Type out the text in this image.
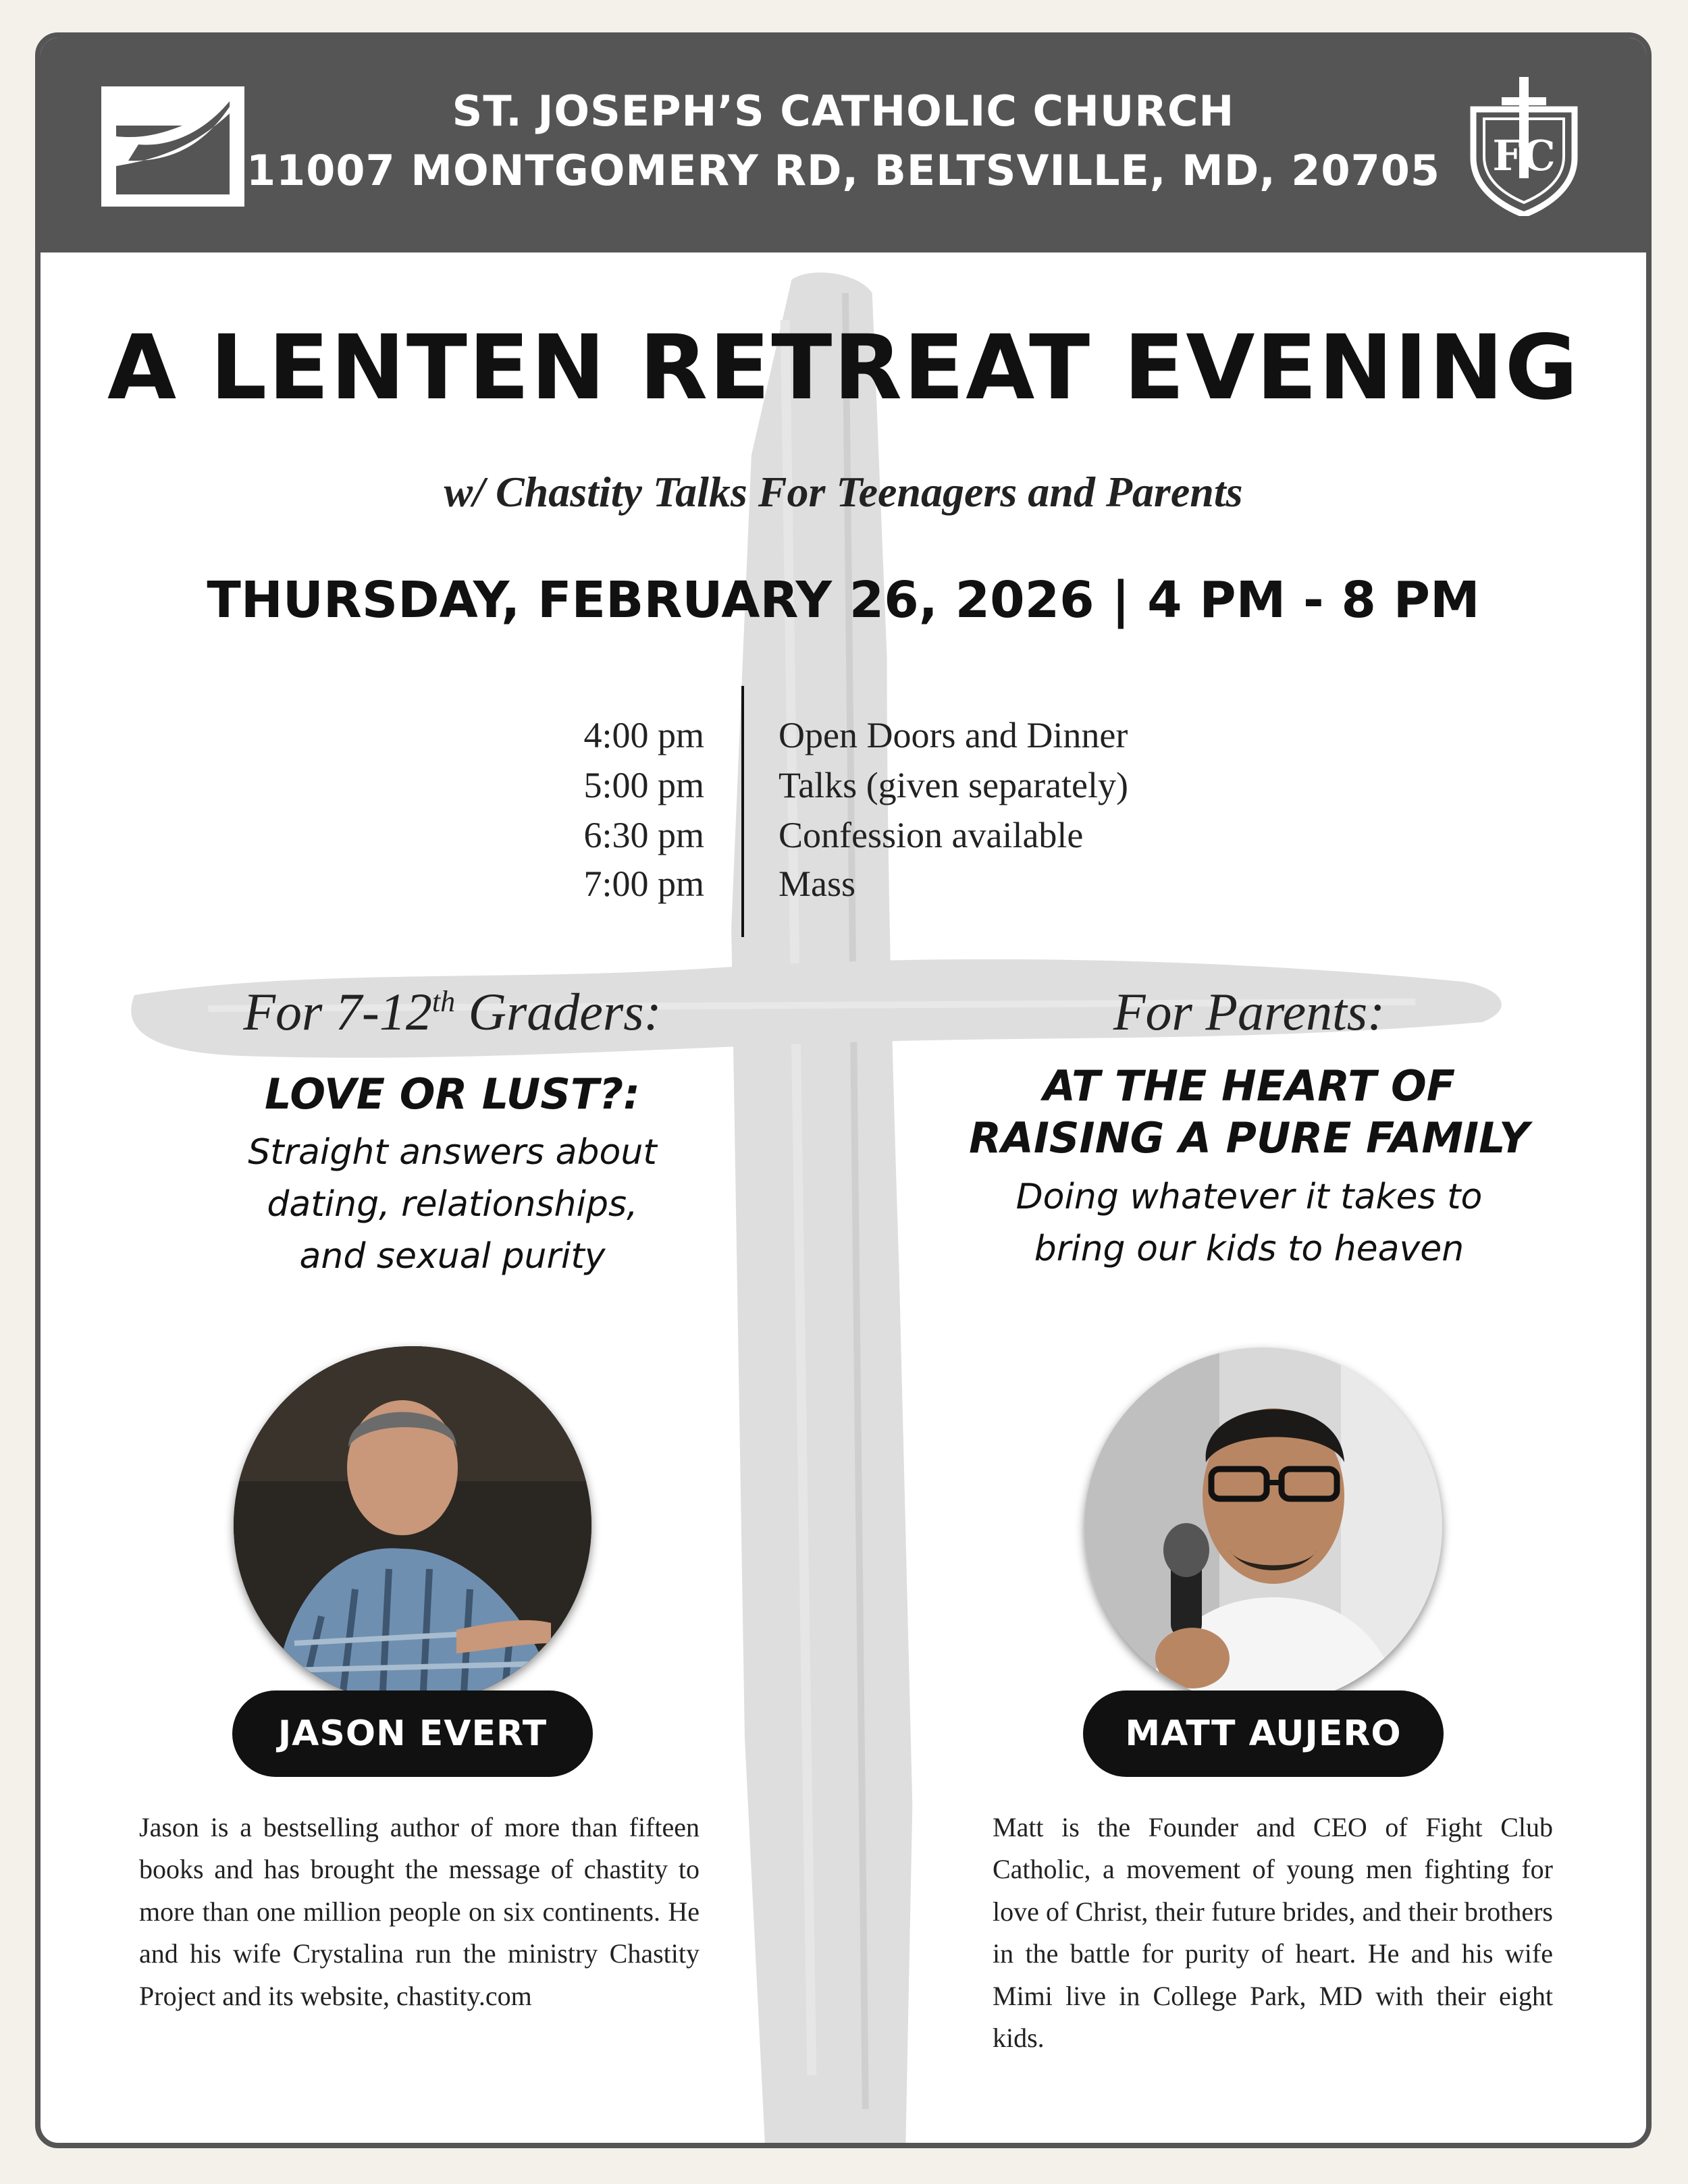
ST. JOSEPH’S CATHOLIC CHURCH
11007 MONTGOMERY RD, BELTSVILLE, MD, 20705	FC
A LENTEN RETREAT EVENING
w/ Chastity Talks For Teenagers and Parents
THURSDAY, FEBRUARY 26, 2026 | 4 PM - 8 PM
4:00 pm Open Doors and Dinner
5:00 pm Talks (given separately)
6:30 pm Confession available
7:00 pm Mass
For 7-12th Graders:
LOVE OR LUST?:
Straight answers about
dating, relationships,
and sexual purity
For Parents:
AT THE HEART OF
RAISING A PURE FAMILY
Doing whatever it takes to
bring our kids to heaven
JASON EVERT	MATT AUJERO
Jason is a bestselling author of more than fifteen books and has brought the message of chastity to more than one million people on six continents. He and his wife Crystalina run the ministry Chastity Project and its website, chastity.com
Matt is the Founder and CEO of Fight Club Catholic, a movement of young men fighting for love of Christ, their future brides, and their brothers in the battle for purity of heart. He and his wife Mimi live in College Park, MD with their eight kids.
